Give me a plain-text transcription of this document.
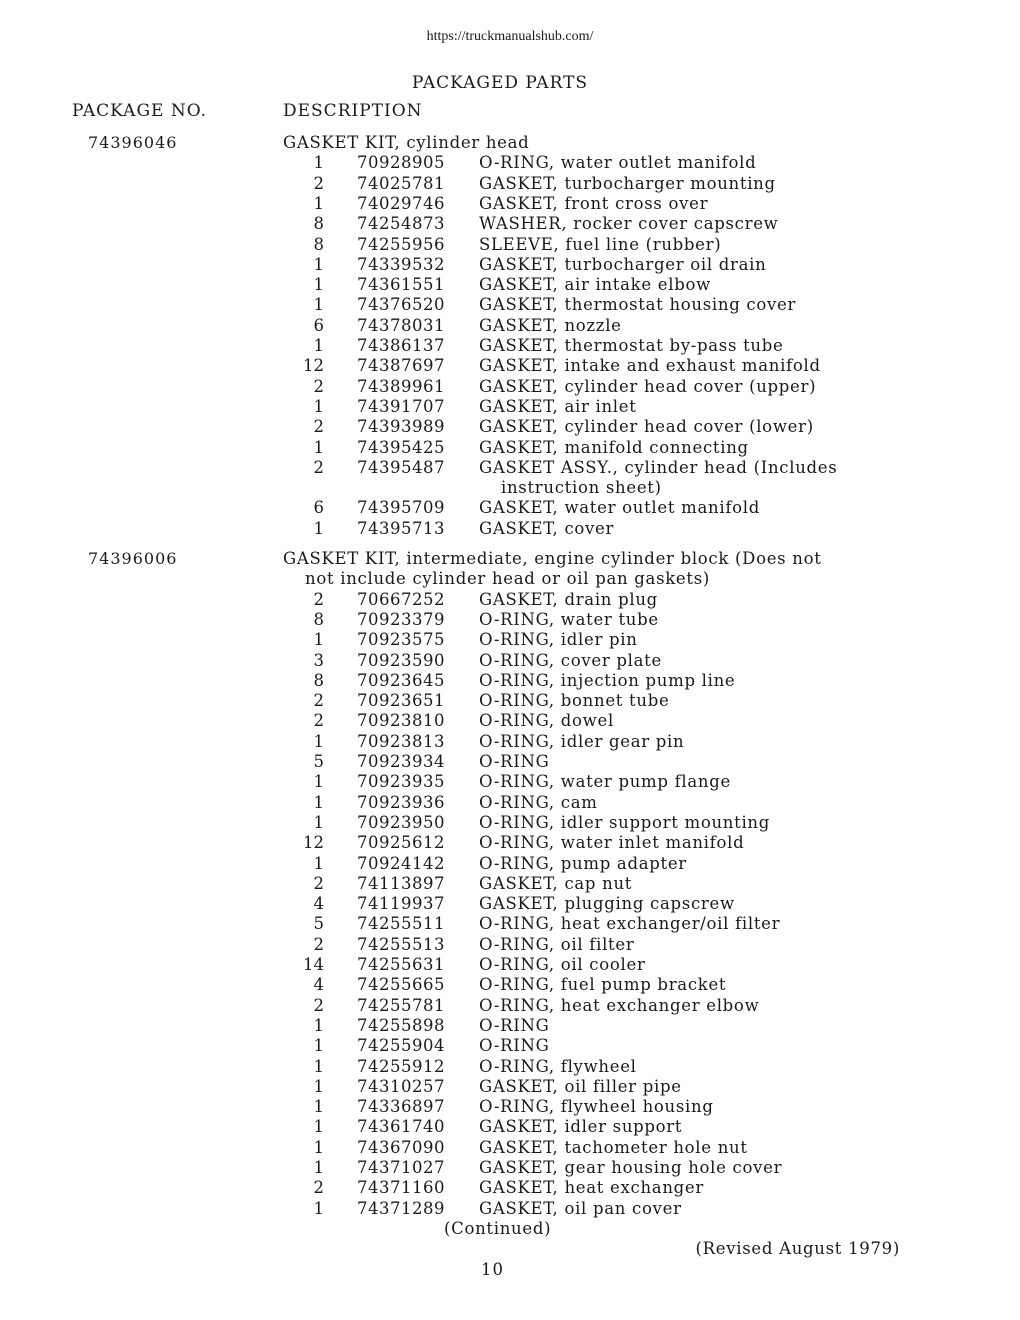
https://truckmanualshub.com/
PACKAGED PARTS
PACKAGE NO.	DESCRIPTION
74396046	GASKET KIT, cylinder head
1 70928905 O-RING, water outlet manifold
2 74025781 GASKET, turbocharger mounting
1 74029746 GASKET, front cross over
8 74254873 WASHER, rocker cover capscrew
8 74255956 SLEEVE, fuel line (rubber)
1 74339532 GASKET, turbocharger oil drain
1 74361551 GASKET, air intake elbow
1 74376520 GASKET, thermostat housing cover
6 74378031 GASKET, nozzle
1 74386137 GASKET, thermostat by-pass tube
12 74387697 GASKET, intake and exhaust manifold
2 74389961 GASKET, cylinder head cover (upper)
1 74391707 GASKET, air inlet
2 74393989 GASKET, cylinder head cover (lower)
1 74395425 GASKET, manifold connecting
2 74395487 GASKET ASSY., cylinder head (Includes
instruction sheet)
6 74395709 GASKET, water outlet manifold
1 74395713 GASKET, cover
74396006	GASKET KIT, intermediate, engine cylinder block (Does not
not include cylinder head or oil pan gaskets)
2 70667252 GASKET, drain plug
8 70923379 O-RING, water tube
1 70923575 O-RING, idler pin
3 70923590 O-RING, cover plate
8 70923645 O-RING, injection pump line
2 70923651 O-RING, bonnet tube
2 70923810 O-RING, dowel
1 70923813 O-RING, idler gear pin
5 70923934 O-RING
1 70923935 O-RING, water pump flange
1 70923936 O-RING, cam
1 70923950 O-RING, idler support mounting
12 70925612 O-RING, water inlet manifold
1 70924142 O-RING, pump adapter
2 74113897 GASKET, cap nut
4 74119937 GASKET, plugging capscrew
5 74255511 O-RING, heat exchanger/oil filter
2 74255513 O-RING, oil filter
14 74255631 O-RING, oil cooler
4 74255665 O-RING, fuel pump bracket
2 74255781 O-RING, heat exchanger elbow
1 74255898 O-RING
1 74255904 O-RING
1 74255912 O-RING, flywheel
1 74310257 GASKET, oil filler pipe
1 74336897 O-RING, flywheel housing
1 74361740 GASKET, idler support
1 74367090 GASKET, tachometer hole nut
1 74371027 GASKET, gear housing hole cover
2 74371160 GASKET, heat exchanger
1 74371289 GASKET, oil pan cover
(Continued)
(Revised August 1979)
10
